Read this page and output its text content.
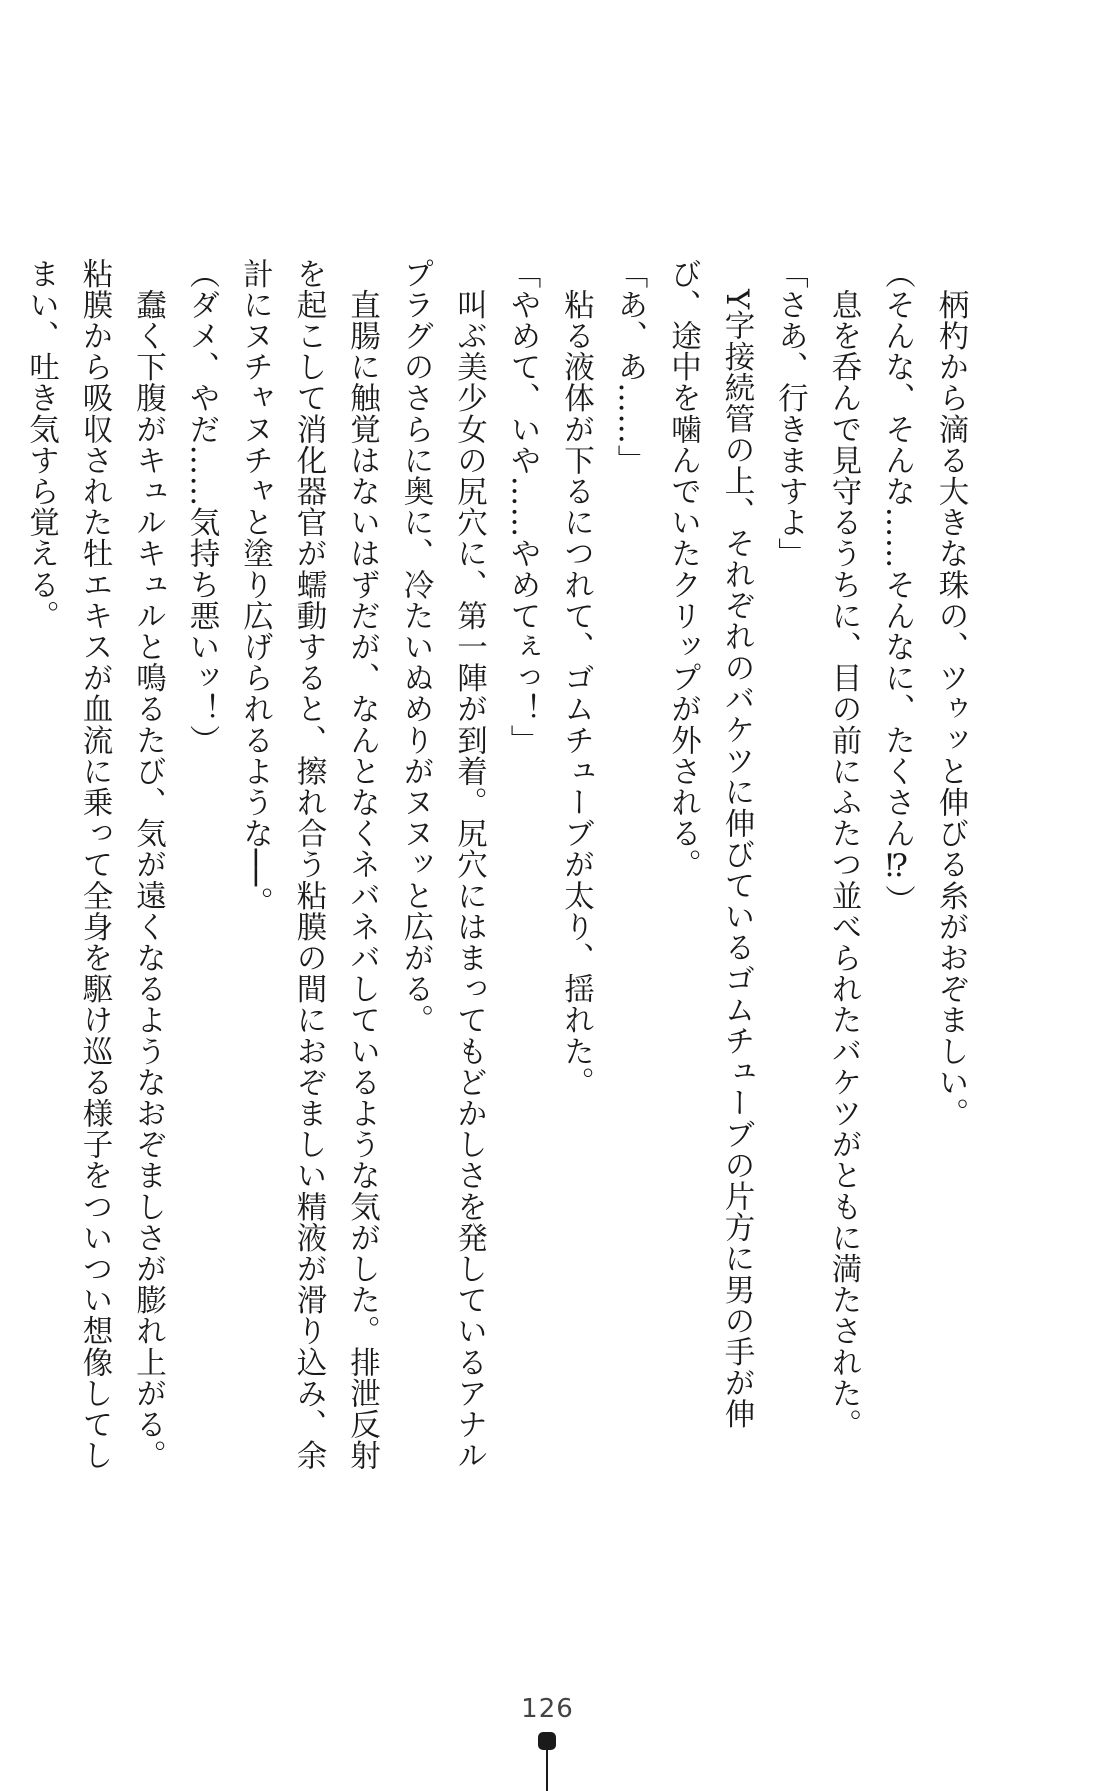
　柄杓から滴る大きな珠の、ツゥッと伸びる糸がおぞましい。

（そんな、そんな……そんなに、たくさん⁉）

　息を呑んで見守るうちに、目の前にふたつ並べられたバケツがともに満たされた。

「さあ、行きますよ」

　Y字接続管の上、それぞれのバケツに伸びているゴムチューブの片方に男の手が伸び、途中を噛んでいたクリップが外される。

「あ、あ……」

　粘る液体が下るにつれて、ゴムチューブが太り、揺れた。

「やめて、いや……やめてぇっ！」

　叫ぶ美少女の尻穴に、第一陣が到着。尻穴にはまってもどかしさを発しているアナルプラグのさらに奥に、冷たいぬめりがヌヌッと広がる。

　直腸に触覚はないはずだが、なんとなくネバネバしているような気がした。排泄反射を起こして消化器官が蠕動すると、擦れ合う粘膜の間におぞましい精液が滑り込み、余計にヌチャヌチャと塗り広げられるような──。

（ダメ、やだ……気持ち悪いッ！）

　蠢く下腹がキュルキュルと鳴るたび、気が遠くなるようなおぞましさが膨れ上がる。粘膜から吸収された牡エキスが血流に乗って全身を駆け巡る様子をついつい想像してしまい、吐き気すら覚える。

126
